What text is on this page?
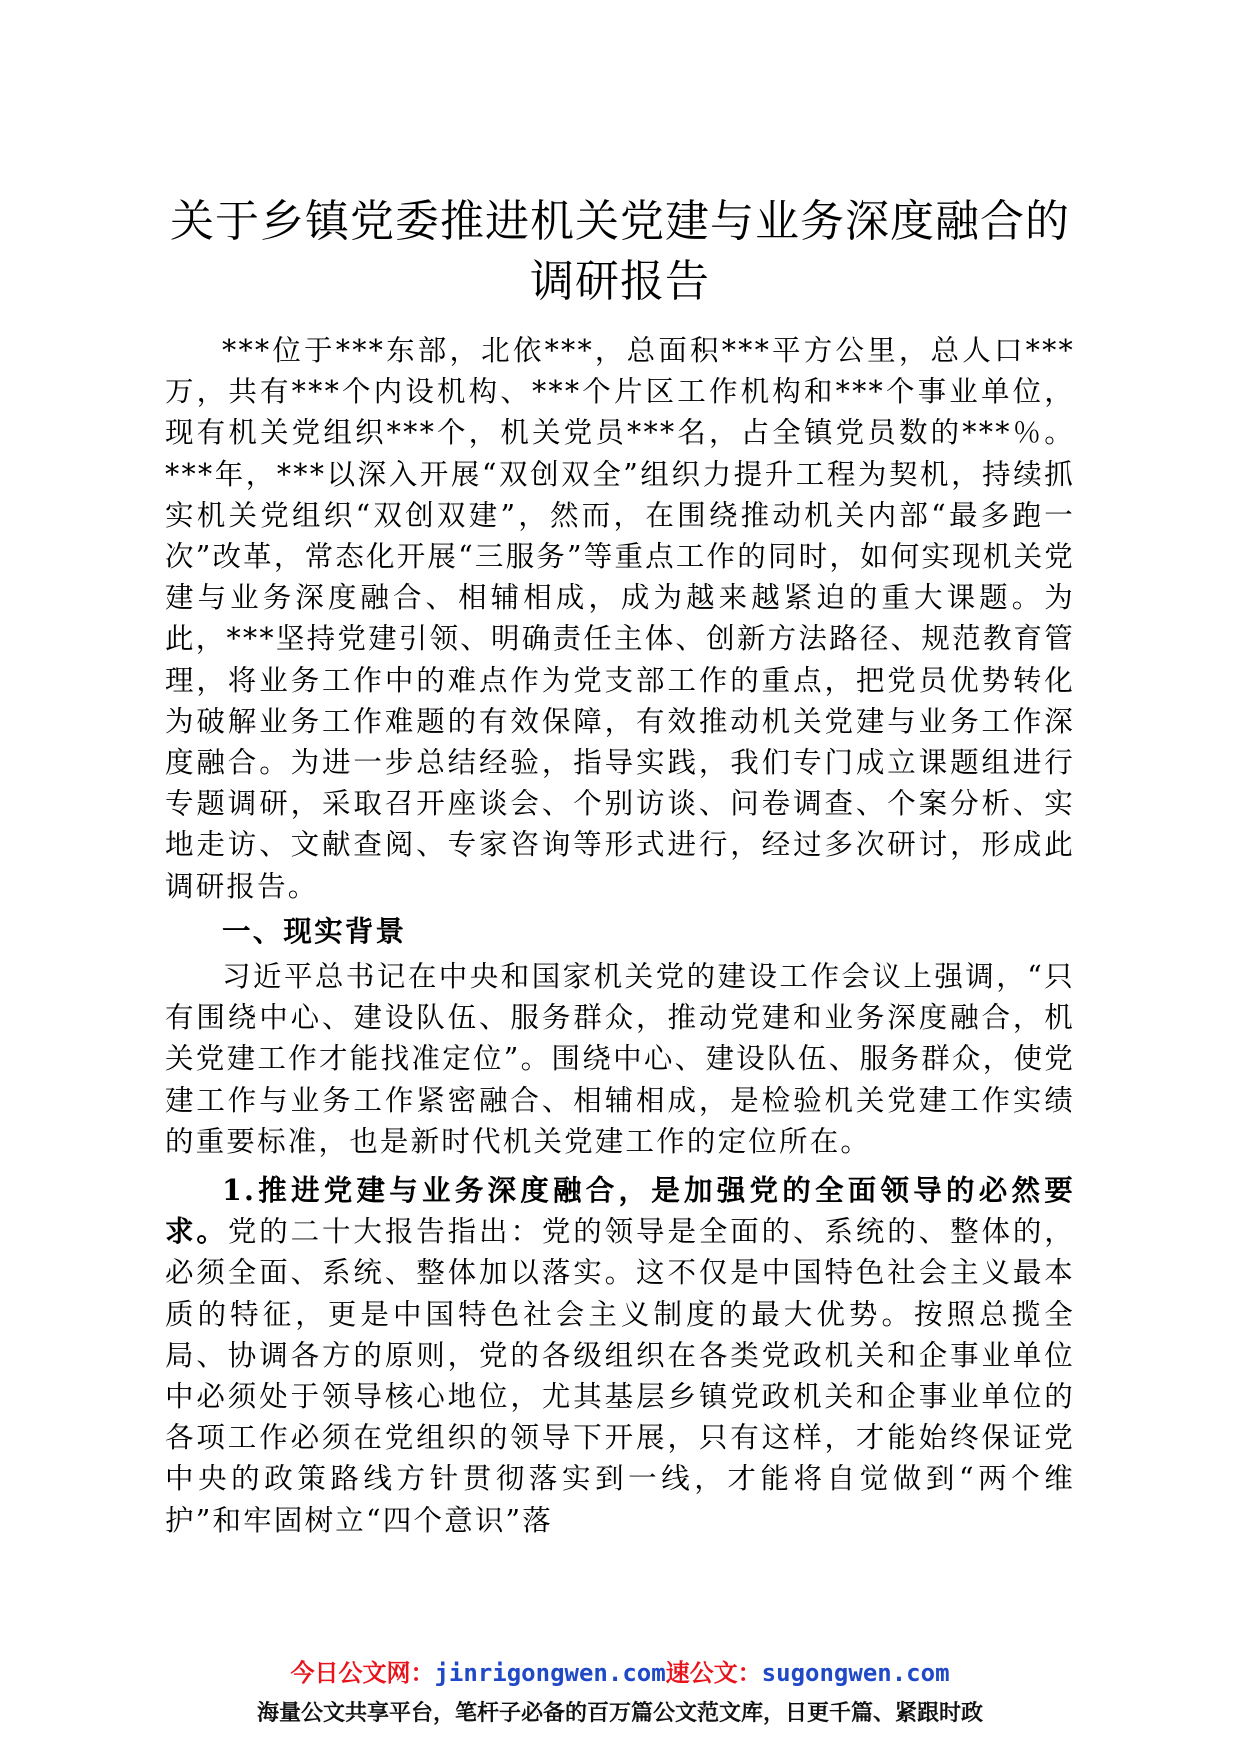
关于乡镇党委推进机关党建与业务深度融合的
调研报告

***位于***东部，北依***，总面积***平方公里，总人口***万，共有***个内设机构、***个片区工作机构和***个事业单位，现有机关党组织***个，机关党员***名，占全镇党员数的***％。***年，***以深入开展“双创双全”组织力提升工程为契机，持续抓实机关党组织“双创双建”，然而，在围绕推动机关内部“最多跑一次”改革，常态化开展“三服务”等重点工作的同时，如何实现机关党建与业务深度融合、相辅相成，成为越来越紧迫的重大课题。为此，***坚持党建引领、明确责任主体、创新方法路径、规范教育管理，将业务工作中的难点作为党支部工作的重点，把党员优势转化为破解业务工作难题的有效保障，有效推动机关党建与业务工作深度融合。为进一步总结经验，指导实践，我们专门成立课题组进行专题调研，采取召开座谈会、个别访谈、问卷调查、个案分析、实地走访、文献查阅、专家咨询等形式进行，经过多次研讨，形成此调研报告。

一、现实背景

习近平总书记在中央和国家机关党的建设工作会议上强调，“只有围绕中心、建设队伍、服务群众，推动党建和业务深度融合，机关党建工作才能找准定位”。围绕中心、建设队伍、服务群众，使党建工作与业务工作紧密融合、相辅相成，是检验机关党建工作实绩的重要标准，也是新时代机关党建工作的定位所在。

1.推进党建与业务深度融合，是加强党的全面领导的必然要求。党的二十大报告指出：党的领导是全面的、系统的、整体的，必须全面、系统、整体加以落实。这不仅是中国特色社会主义最本质的特征，更是中国特色社会主义制度的最大优势。按照总揽全局、协调各方的原则，党的各级组织在各类党政机关和企事业单位中必须处于领导核心地位，尤其基层乡镇党政机关和企事业单位的各项工作必须在党组织的领导下开展，只有这样，才能始终保证党中央的政策路线方针贯彻落实到一线，才能将自觉做到“两个维护”和牢固树立“四个意识”落

今日公文网：jinrigongwen.com速公文：sugongwen.com
海量公文共享平台，笔杆子必备的百万篇公文范文库，日更千篇、紧跟时政
